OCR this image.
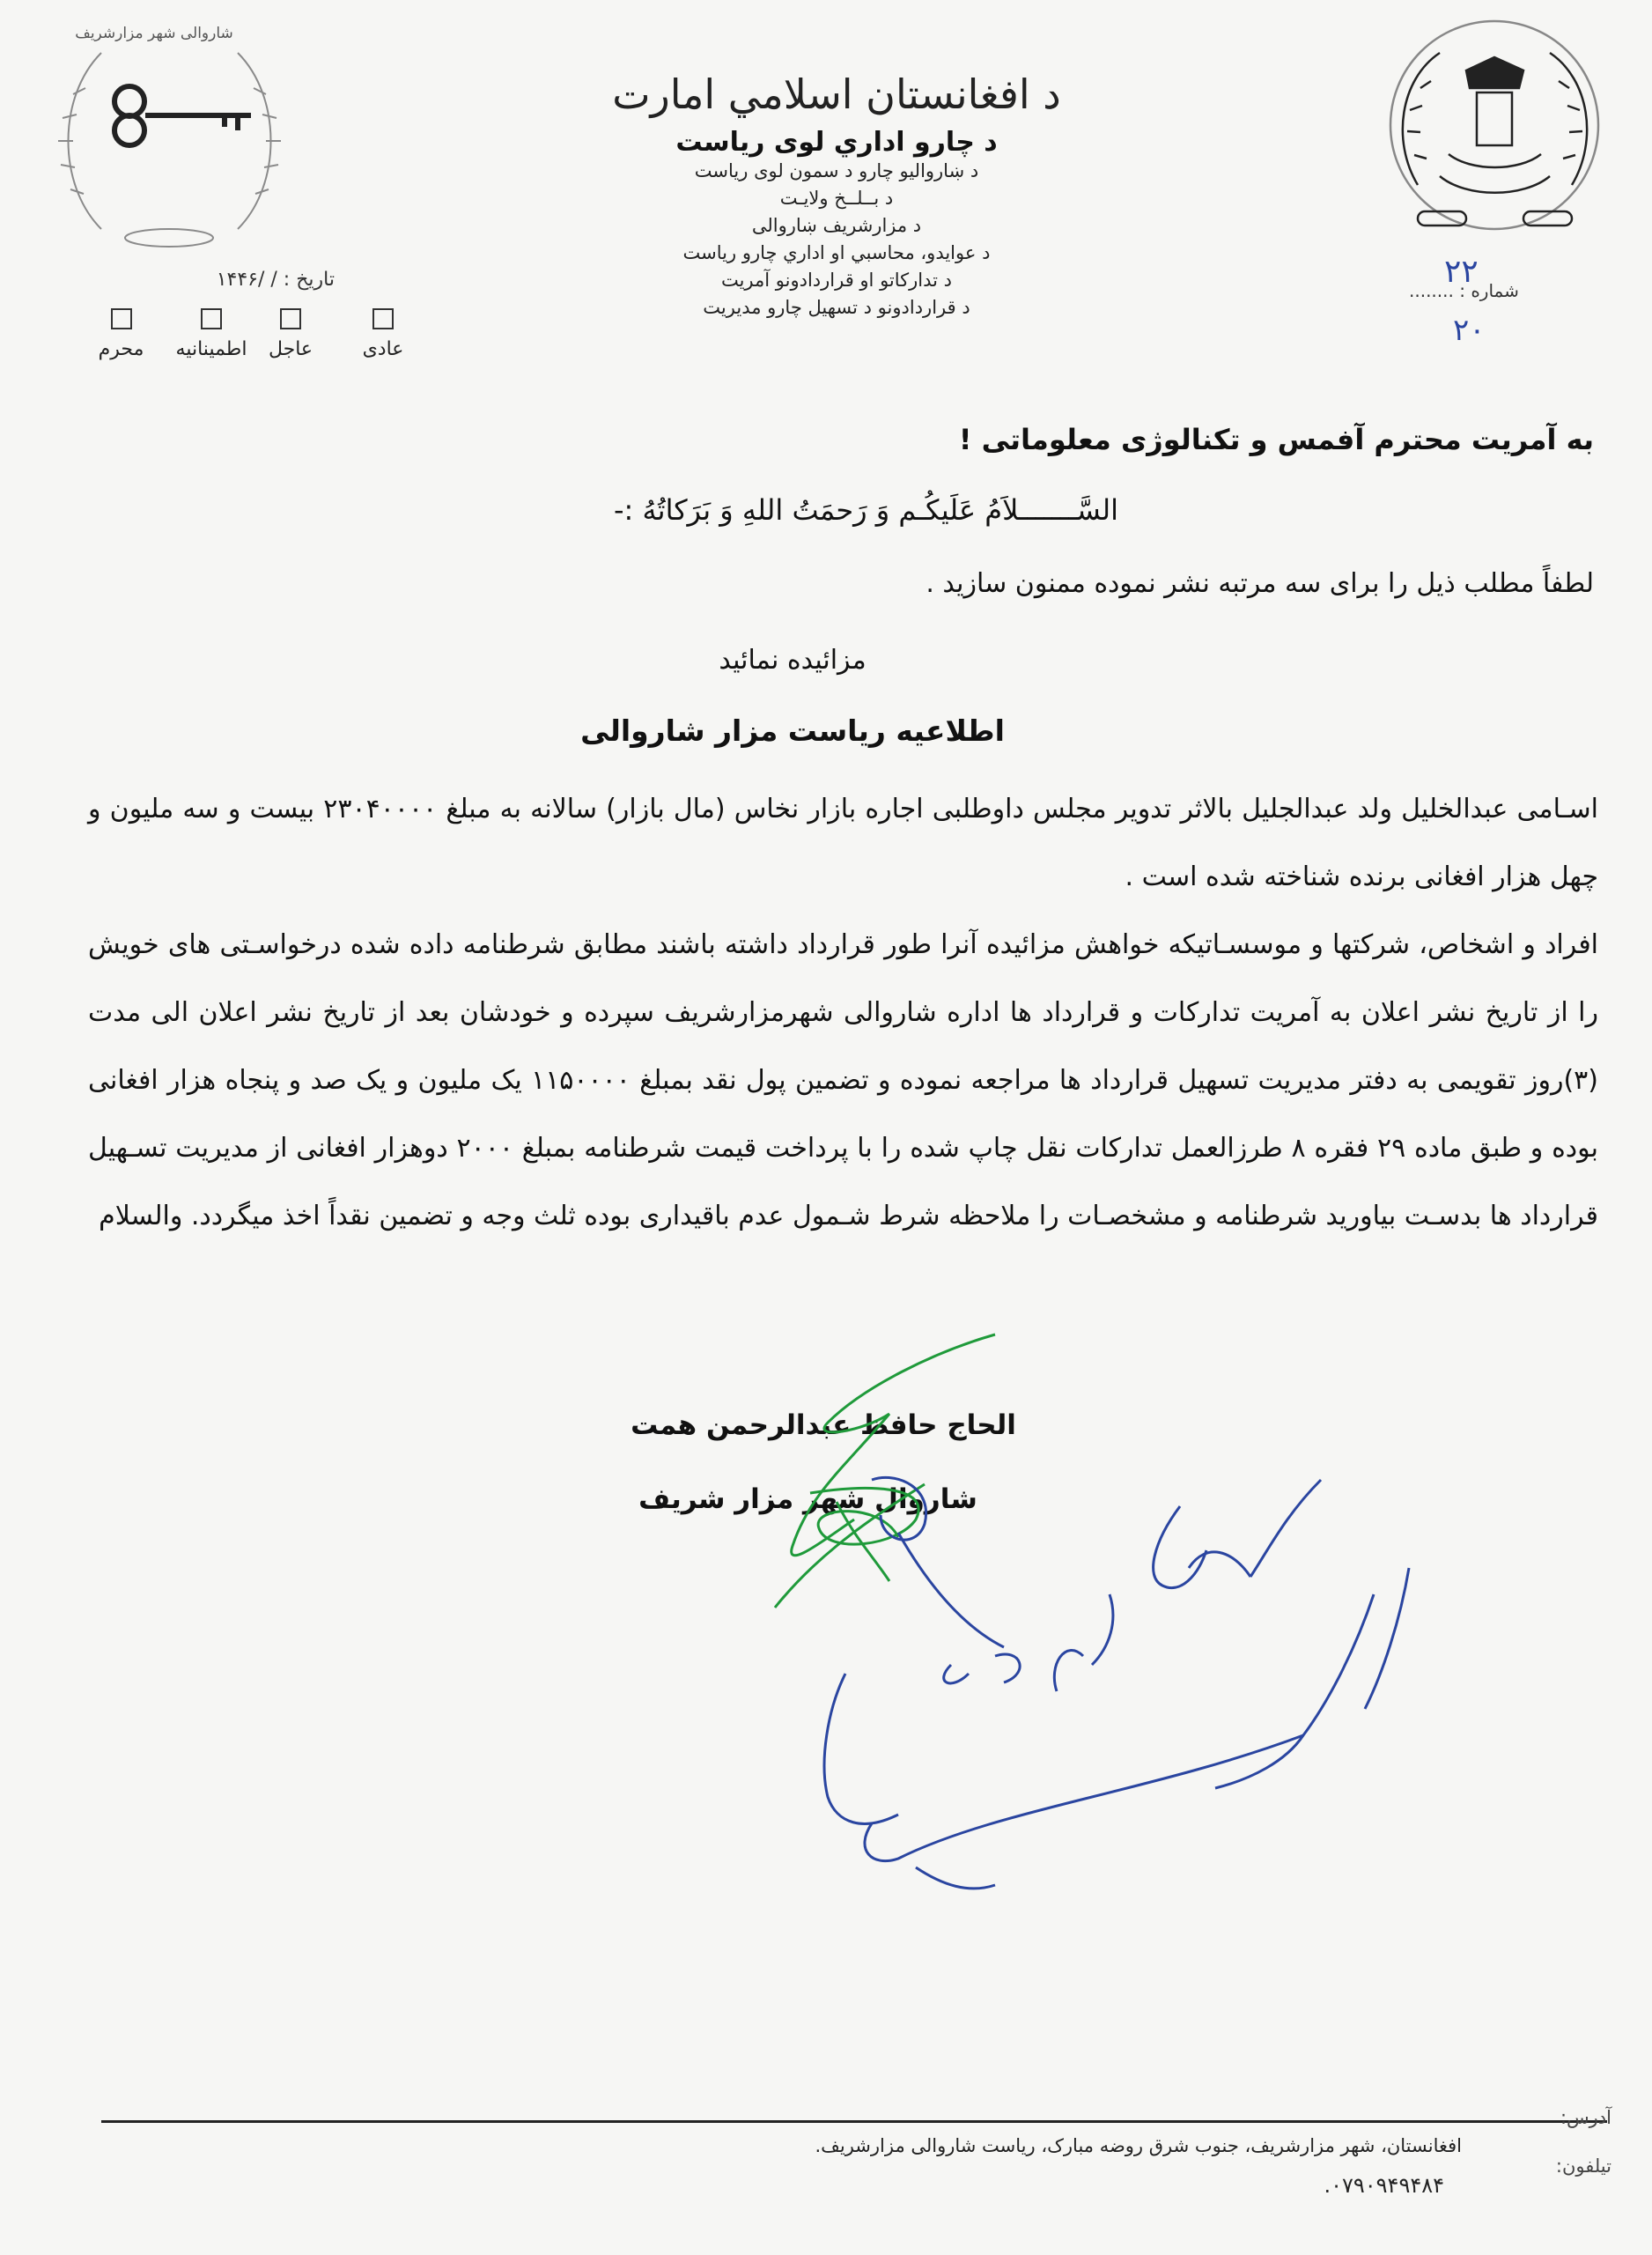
شاروالی شهر مزارشریف
تاریخ : / /۱۴۴۶
عادی
عاجل
اطمینانیه
محرم
د افغانستان اسلامي امارت
د چارو اداري لوی ریاست
د ښاروالیو چارو د سمون لوی ریاست
د بــلــخ ولایـت
د مزارشریف ښاروالی
د عوایدو، محاسبي او اداري چارو ریاست
د تدارکاتو او قراردادونو آمریت
د قراردادونو د تسهیل چارو مدیریت
شماره : ........
۲۲
۲۰
به آمریت محترم آفمس و تکنالوژی معلوماتی !
السَّـــــــلاَمُ عَلَيكُـم وَ رَحمَتُ اللهِ وَ بَرَکاتُهُ :-
لطفاً مطلب ذیل را برای سه مرتبه نشر نموده ممنون سازید .
مزائیده نمائید
اطلاعیه ریاست مزار شاروالی

اسـامی عبدالخلیل ولد عبدالجلیل بالاثر تدویر مجلس داوطلبی اجاره بازار نخاس (مال بازار) سالانه به مبلغ ۲۳۰۴۰۰۰۰ بیست و سه ملیون و چهل هزار افغانی برنده شناخته شده است .

افراد و اشخاص، شرکتها و موسسـاتیکه خواهش مزائیده آنرا طور قرارداد داشته باشند مطابق شرطنامه داده شده درخواسـتی های خویش را از تاریخ نشر اعلان به آمریت تدارکات و قرارداد ها اداره شاروالی شهرمزارشریف سپرده و خودشان بعد از تاریخ نشر اعلان الی مدت (۳)روز تقویمی به دفتر مدیریت تسهیل قرارداد ها مراجعه نموده و تضمین پول نقد بمبلغ ۱۱۵۰۰۰۰ یک ملیون و یک صد و پنجاه هزار افغانی بوده و طبق ماده ۲۹ فقره ۸ طرزالعمل تدارکات نقل چاپ شده را با پرداخت قیمت شرطنامه بمبلغ ۲۰۰۰ دوهزار افغانی از مدیریت تسـهیل قرارداد ها بدسـت بیاورید شرطنامه و مشخصـات را ملاحظه شرط شـمول عدم باقیداری بوده ثلث وجه و تضمین نقداً اخذ میگردد. والسلام

الحاج حافظ عبدالرحمن همت
شاروال شهر مزار شریف
آدرس:
افغانستان، شهر مزارشریف، جنوب شرق روضه مبارک، ریاست شاروالی مزارشریف.
تیلفون:
۰۷۹۰۹۴۹۴۸۴.
